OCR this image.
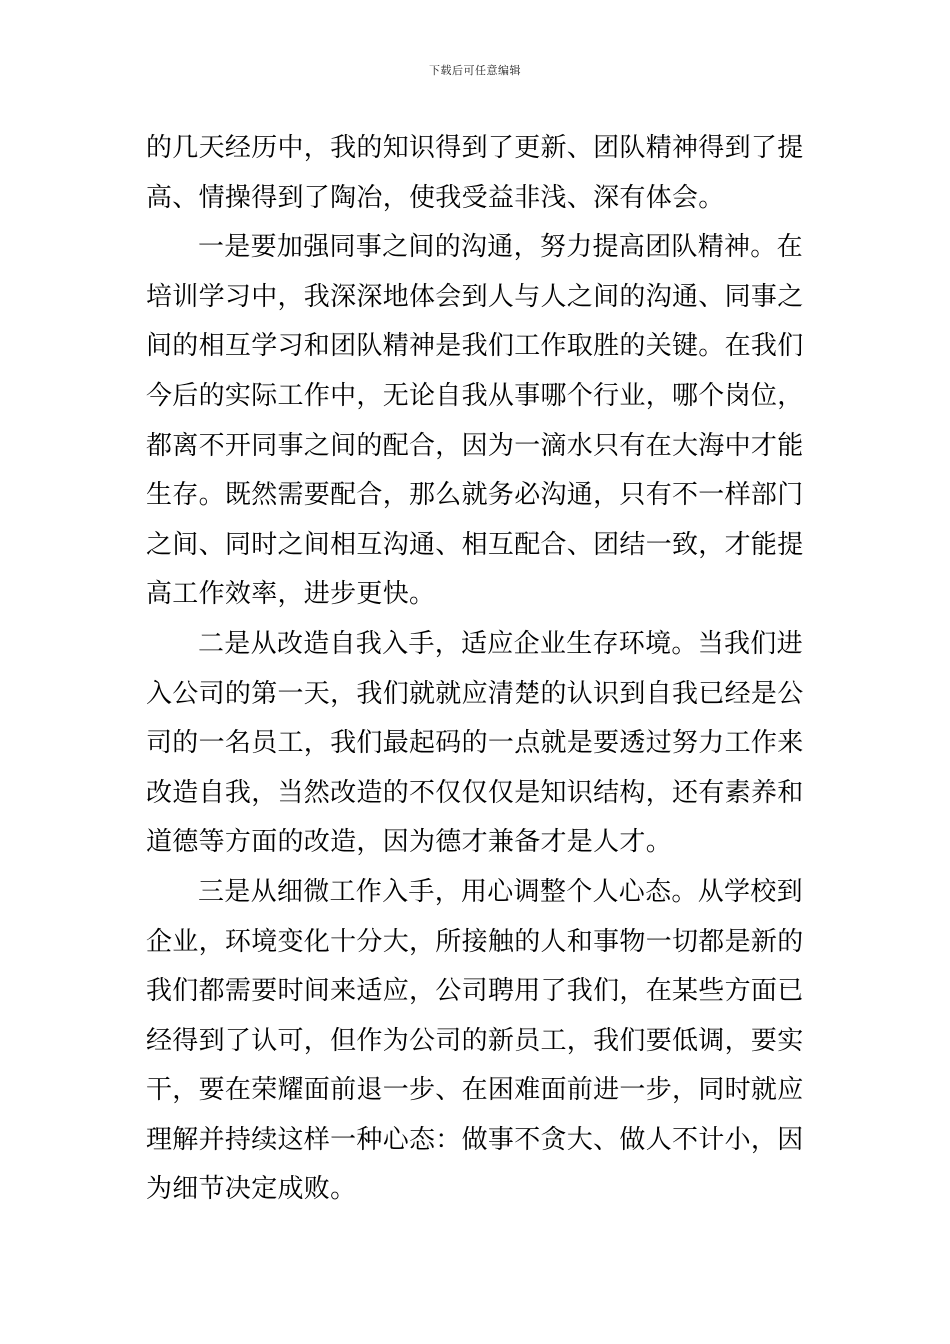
下载后可任意编辑
的几天经历中，我的知识得到了更新、团队精神得到了提
高、情操得到了陶冶，使我受益非浅、深有体会。
一是要加强同事之间的沟通，努力提高团队精神。在
培训学习中，我深深地体会到人与人之间的沟通、同事之
间的相互学习和团队精神是我们工作取胜的关键。在我们
今后的实际工作中，无论自我从事哪个行业，哪个岗位，
都离不开同事之间的配合，因为一滴水只有在大海中才能
生存。既然需要配合，那么就务必沟通，只有不一样部门
之间、同时之间相互沟通、相互配合、团结一致，才能提
高工作效率，进步更快。
二是从改造自我入手，适应企业生存环境。当我们进
入公司的第一天，我们就就应清楚的认识到自我已经是公
司的一名员工，我们最起码的一点就是要透过努力工作来
改造自我，当然改造的不仅仅仅是知识结构，还有素养和
道德等方面的改造，因为德才兼备才是人才。
三是从细微工作入手，用心调整个人心态。从学校到
企业，环境变化十分大，所接触的人和事物一切都是新的
我们都需要时间来适应，公司聘用了我们，在某些方面已
经得到了认可，但作为公司的新员工，我们要低调，要实
干，要在荣耀面前退一步、在困难面前进一步，同时就应
理解并持续这样一种心态：做事不贪大、做人不计小，因
为细节决定成败。
